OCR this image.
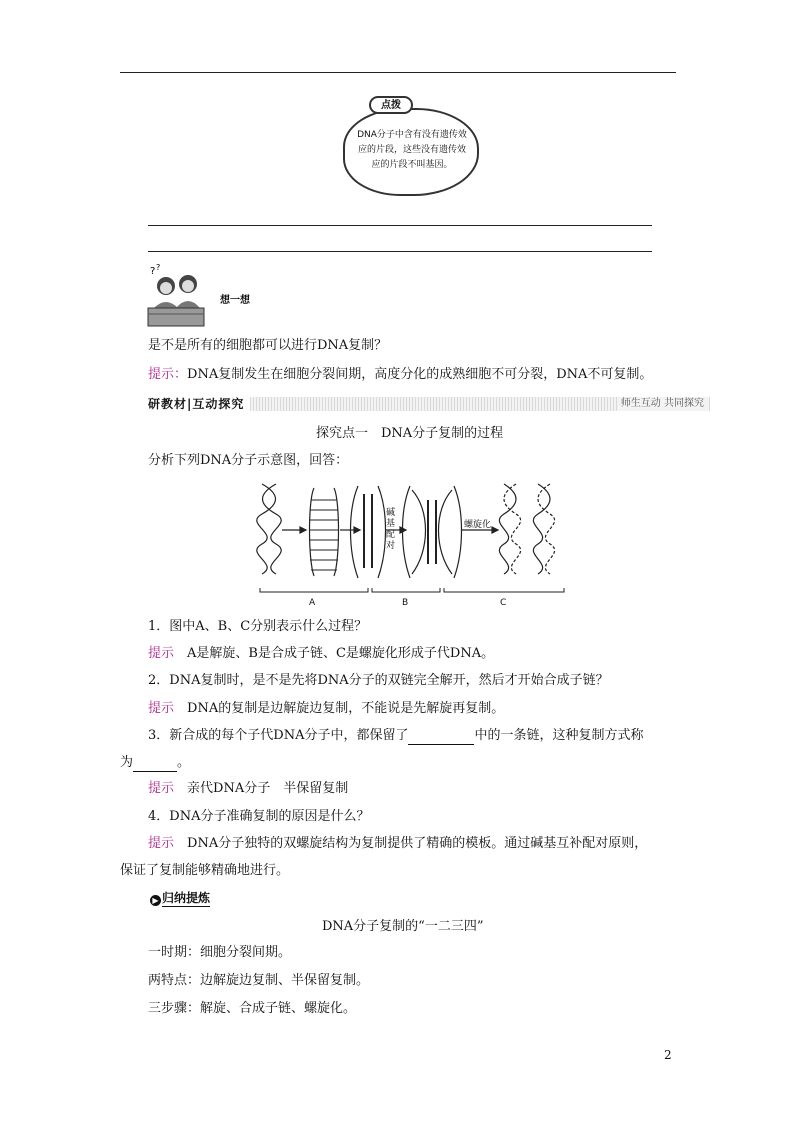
点拨
DNA分子中含有没有遗传效应的片段，这些没有遗传效应的片段不叫基因。
? ?
想一想
是不是所有的细胞都可以进行DNA复制？
提示：DNA复制发生在细胞分裂间期，高度分化的成熟细胞不可分裂，DNA不可复制。
研教材|互动探究	师生互动 共同探究
探究点一　DNA分子复制的过程
分析下列DNA分子示意图，回答：
碱基配对
螺旋化
A	B	C
1．图中A、B、C分别表示什么过程？
提示　 A是解旋、B是合成子链、C是螺旋化形成子代DNA。
2．DNA复制时，是不是先将DNA分子的双链完全解开，然后才开始合成子链？
提示　 DNA的复制是边解旋边复制，不能说是先解旋再复制。
3．新合成的每个子代DNA分子中，都保留了	中的一条链，这种复制方式称
为	。
提示　 亲代DNA分子　半保留复制
4．DNA分子准确复制的原因是什么？
提示　 DNA分子独特的双螺旋结构为复制提供了精确的模板。通过碱基互补配对原则，
保证了复制能够精确地进行。
▶ 归纳提炼
DNA分子复制的“一二三四”
一时期：细胞分裂间期。
两特点：边解旋边复制、半保留复制。
三步骤：解旋、合成子链、螺旋化。
2
